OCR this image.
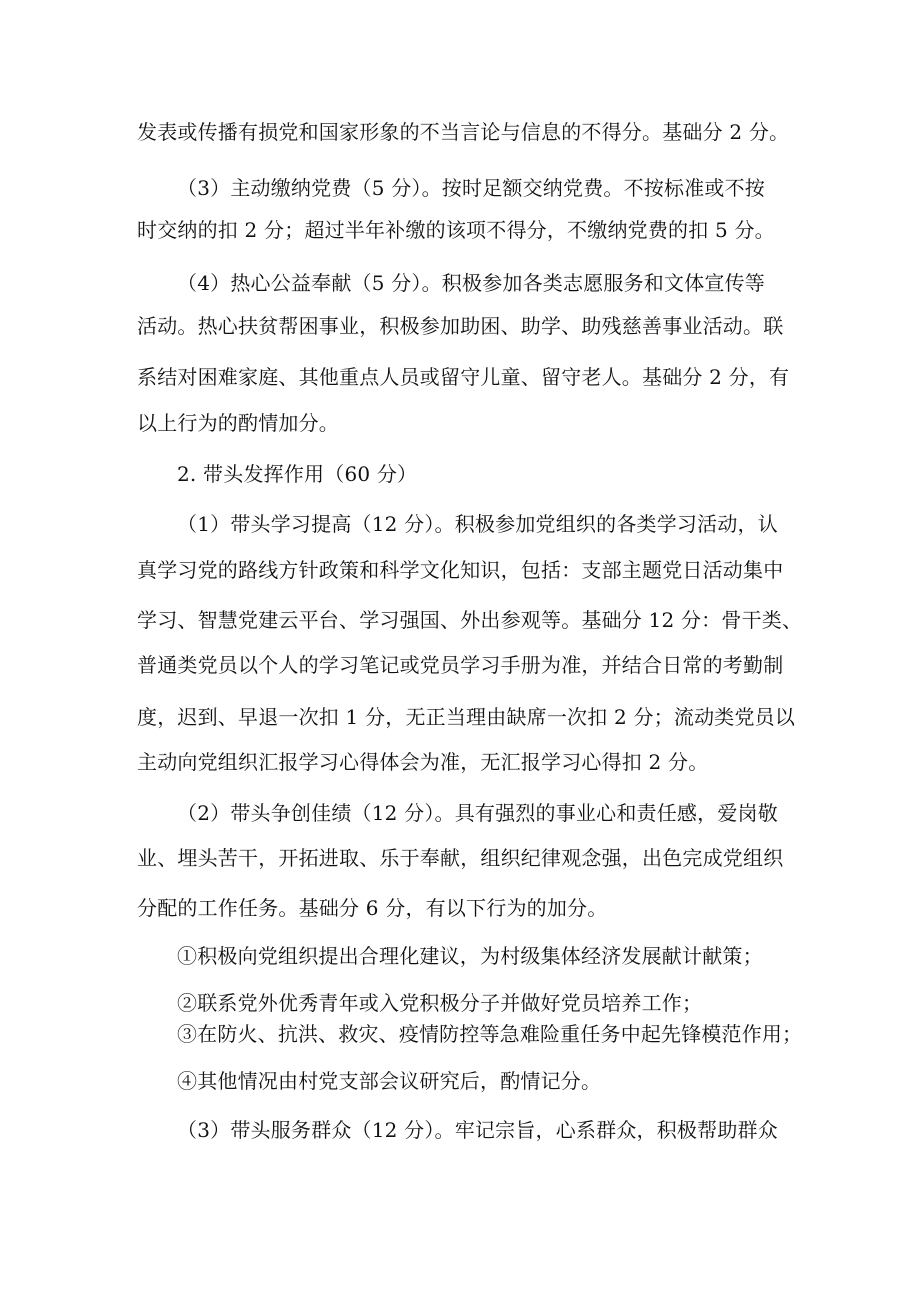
发表或传播有损党和国家形象的不当言论与信息的不得分。基础分 2 分。
（3）主动缴纳党费（5 分）。按时足额交纳党费。不按标准或不按
时交纳的扣 2 分；超过半年补缴的该项不得分，不缴纳党费的扣 5 分。
（4）热心公益奉献（5 分）。积极参加各类志愿服务和文体宣传等
活动。热心扶贫帮困事业，积极参加助困、助学、助残慈善事业活动。联
系结对困难家庭、其他重点人员或留守儿童、留守老人。基础分 2 分，有
以上行为的酌情加分。
2. 带头发挥作用（60 分）
（1）带头学习提高（12 分）。积极参加党组织的各类学习活动，认
真学习党的路线方针政策和科学文化知识，包括：支部主题党日活动集中
学习、智慧党建云平台、学习强国、外出参观等。基础分 12 分：骨干类、
普通类党员以个人的学习笔记或党员学习手册为准，并结合日常的考勤制
度，迟到、早退一次扣 1 分，无正当理由缺席一次扣 2 分；流动类党员以
主动向党组织汇报学习心得体会为准，无汇报学习心得扣 2 分。
（2）带头争创佳绩（12 分）。具有强烈的事业心和责任感，爱岗敬
业、埋头苦干，开拓进取、乐于奉献，组织纪律观念强，出色完成党组织
分配的工作任务。基础分 6 分，有以下行为的加分。
①积极向党组织提出合理化建议，为村级集体经济发展献计献策；
②联系党外优秀青年或入党积极分子并做好党员培养工作；
③在防火、抗洪、救灾、疫情防控等急难险重任务中起先锋模范作用；
④其他情况由村党支部会议研究后，酌情记分。
（3）带头服务群众（12 分）。牢记宗旨，心系群众，积极帮助群众
